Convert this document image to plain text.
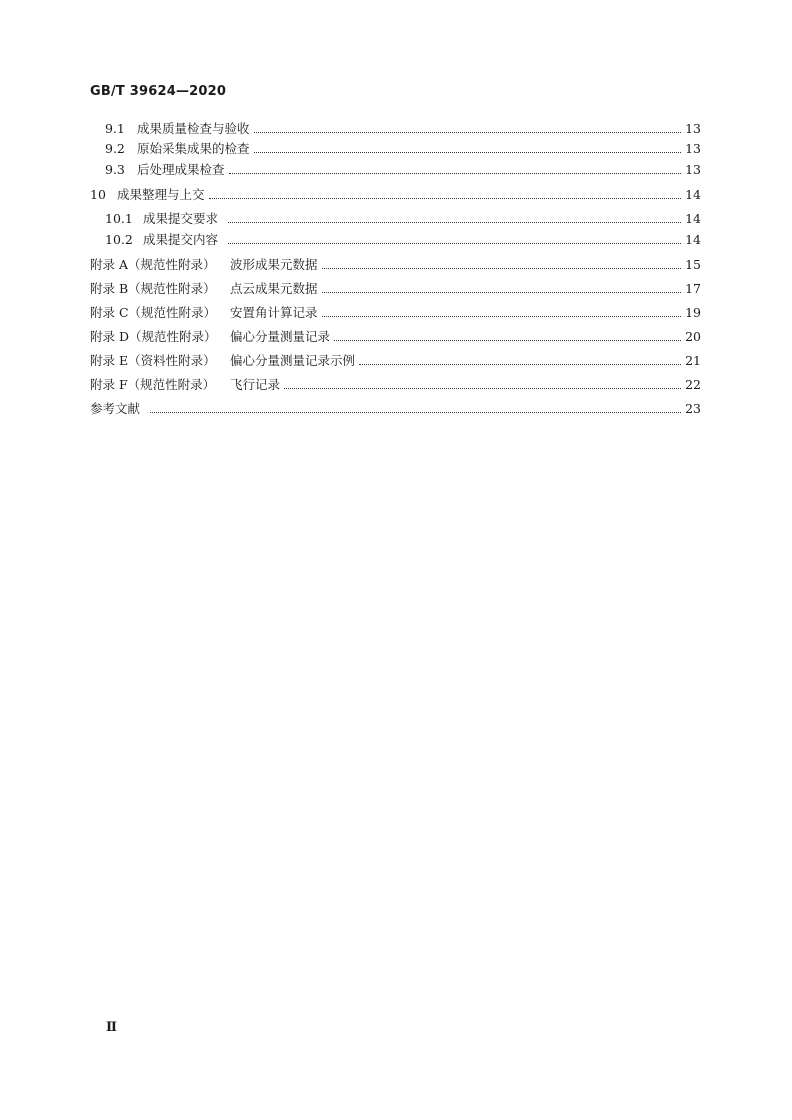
GB/T 39624—2020
9.1 成果质量检查与验收	13
9.2 原始采集成果的检查	13
9.3 后处理成果检查	13
10 成果整理与上交	14
10.1 成果提交要求	14
10.2 成果提交内容	14
附录 A（规范性附录）	波形成果元数据	15
附录 B（规范性附录）	点云成果元数据	17
附录 C（规范性附录）	安置角计算记录	19
附录 D（规范性附录）	偏心分量测量记录	20
附录 E（资料性附录）	偏心分量测量记录示例	21
附录 F（规范性附录）	飞行记录	22
参考文献	23
Ⅱ
